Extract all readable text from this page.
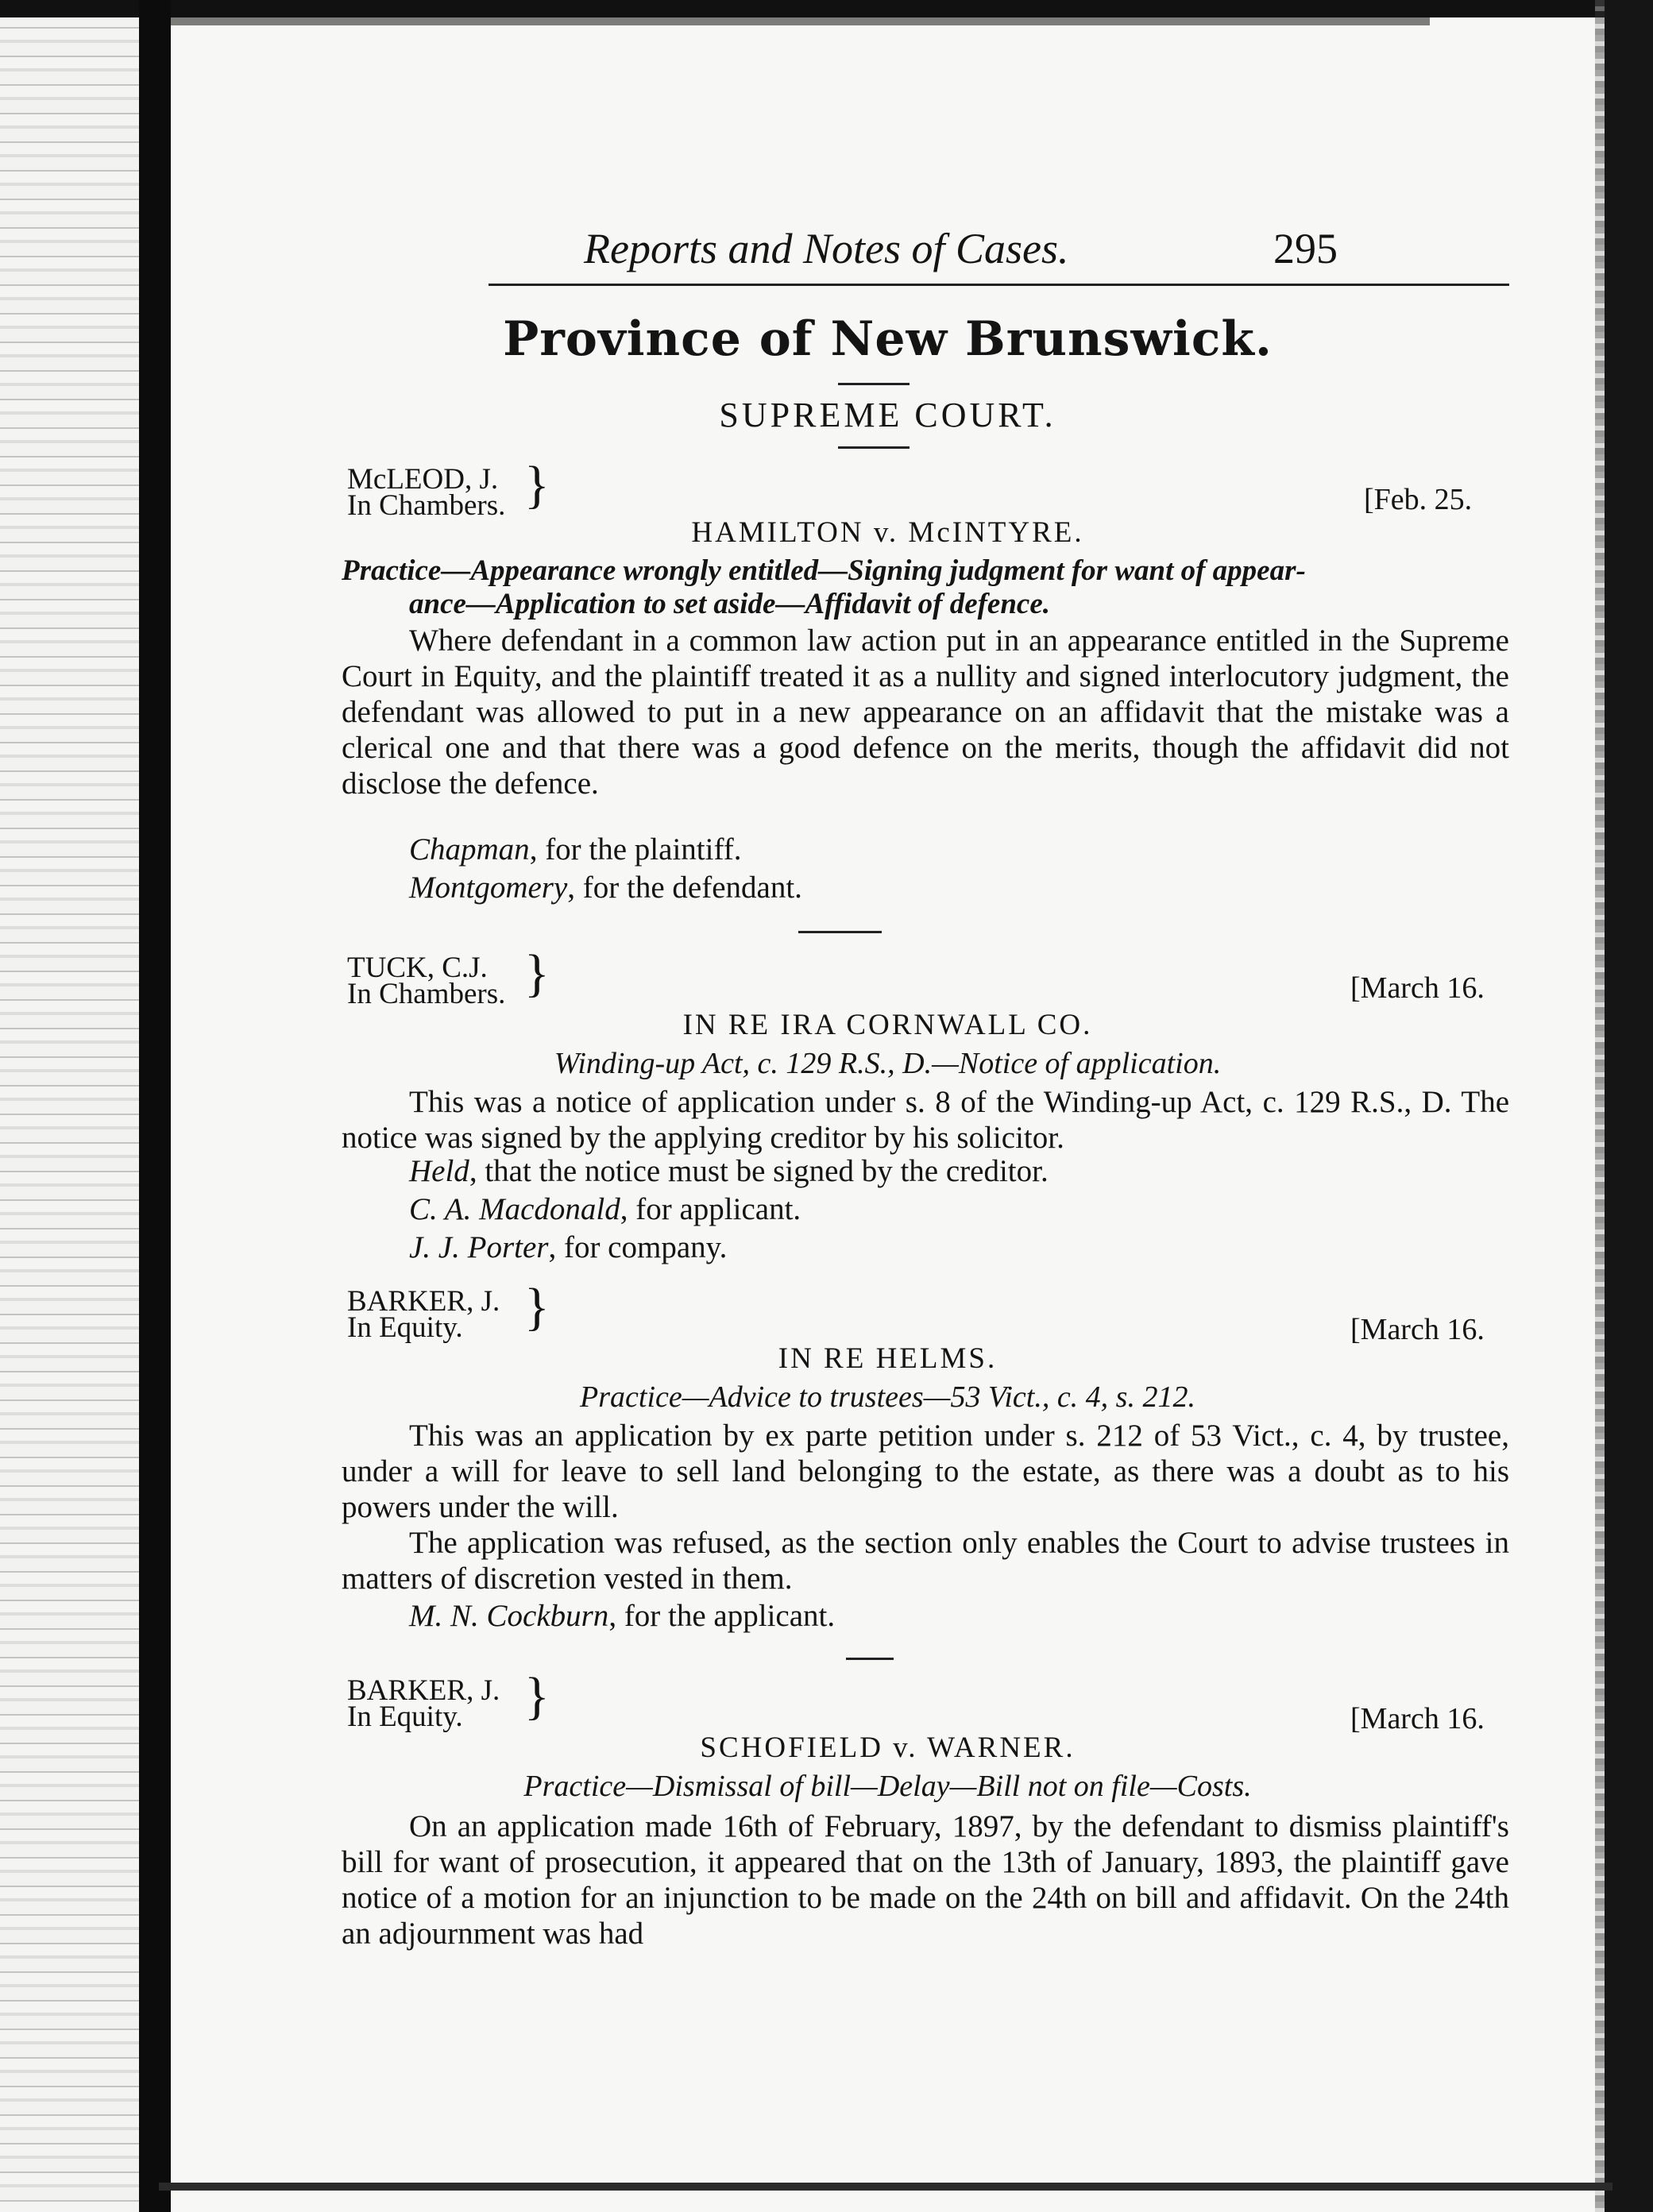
Reports and Notes of Cases.	295
Province of New Brunswick.
SUPREME COURT.
McLEOD, J.
In Chambers. }	[Feb. 25.
HAMILTON v. McINTYRE.
Practice—Appearance wrongly entitled—Signing judgment for want of appear-
ance—Application to set aside—Affidavit of defence.
Where defendant in a common law action put in an appearance entitled in the Supreme Court in Equity, and the plaintiff treated it as a nullity and signed interlocutory judgment, the defendant was allowed to put in a new appearance on an affidavit that the mistake was a clerical one and that there was a good defence on the merits, though the affidavit did not disclose the defence.
Chapman, for the plaintiff.
Montgomery, for the defendant.
TUCK, C.J.
In Chambers. }	[March 16.
IN RE IRA CORNWALL CO.
Winding-up Act, c. 129 R.S., D.—Notice of application.
This was a notice of application under s. 8 of the Winding-up Act, c. 129 R.S., D. The notice was signed by the applying creditor by his solicitor.
Held, that the notice must be signed by the creditor.
C. A. Macdonald, for applicant.
J. J. Porter, for company.
BARKER, J.
In Equity. }	[March 16.
IN RE HELMS.
Practice—Advice to trustees—53 Vict., c. 4, s. 212.
This was an application by ex parte petition under s. 212 of 53 Vict., c. 4, by trustee, under a will for leave to sell land belonging to the estate, as there was a doubt as to his powers under the will.
The application was refused, as the section only enables the Court to advise trustees in matters of discretion vested in them.
M. N. Cockburn, for the applicant.
BARKER, J.
In Equity. }	[March 16.
SCHOFIELD v. WARNER.
Practice—Dismissal of bill—Delay—Bill not on file—Costs.
On an application made 16th of February, 1897, by the defendant to dismiss plaintiff's bill for want of prosecution, it appeared that on the 13th of January, 1893, the plaintiff gave notice of a motion for an injunction to be made on the 24th on bill and affidavit. On the 24th an adjournment was had
